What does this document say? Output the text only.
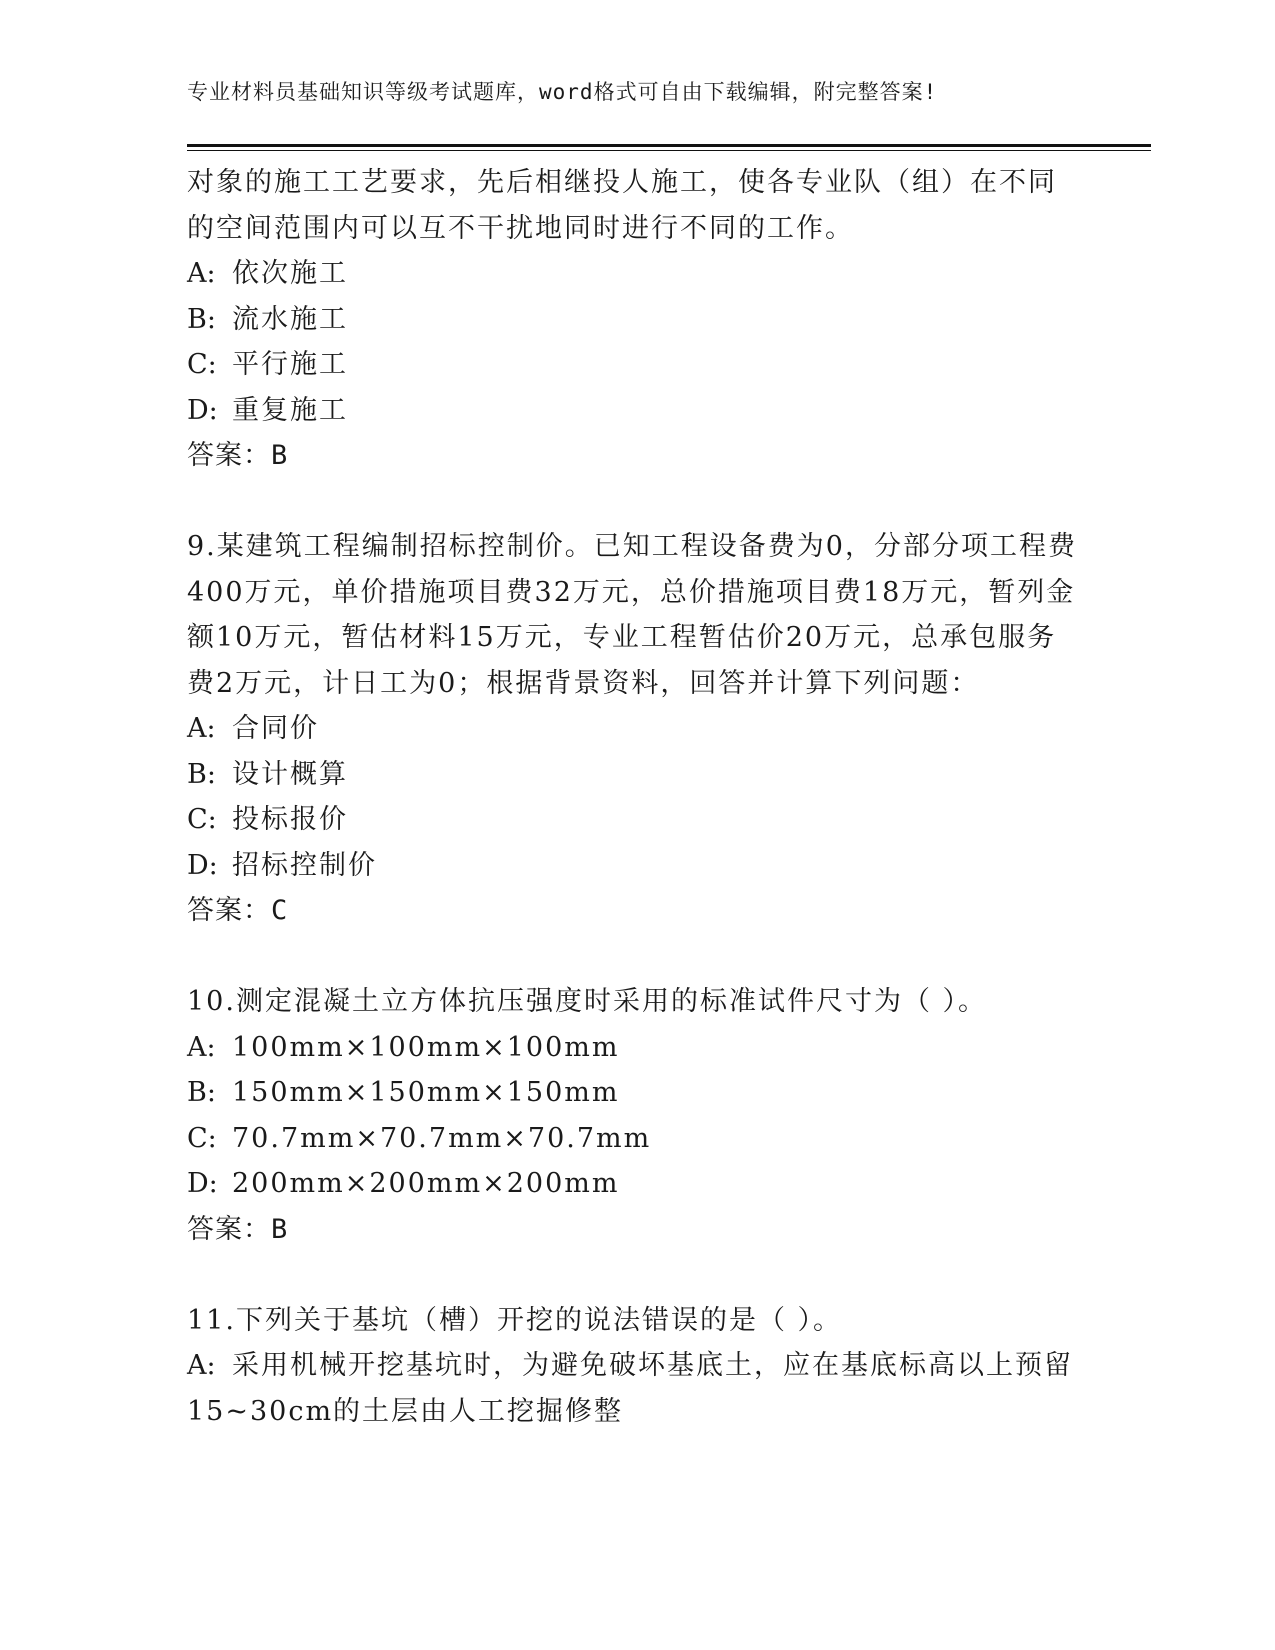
专业材料员基础知识等级考试题库，word格式可自由下载编辑，附完整答案!
对象的施工工艺要求，先后相继投人施工，使各专业队（组）在不同
的空间范围内可以互不干扰地同时进行不同的工作。
A: 依次施工
B: 流水施工
C: 平行施工
D: 重复施工
答案：B
9.某建筑工程编制招标控制价。已知工程设备费为0，分部分项工程费
400万元，单价措施项目费32万元，总价措施项目费18万元，暂列金
额10万元，暂估材料15万元，专业工程暂估价20万元，总承包服务
费2万元，计日工为0；根据背景资料，回答并计算下列问题：
A: 合同价
B: 设计概算
C: 投标报价
D: 招标控制价
答案：C
10.测定混凝土立方体抗压强度时采用的标准试件尺寸为（ ）。
A: 100mm×100mm×100mm
B: 150mm×150mm×150mm
C: 70.7mm×70.7mm×70.7mm
D: 200mm×200mm×200mm
答案：B
11.下列关于基坑（槽）开挖的说法错误的是（ ）。
A: 采用机械开挖基坑时，为避免破坏基底土，应在基底标高以上预留
15~30cm的土层由人工挖掘修整
